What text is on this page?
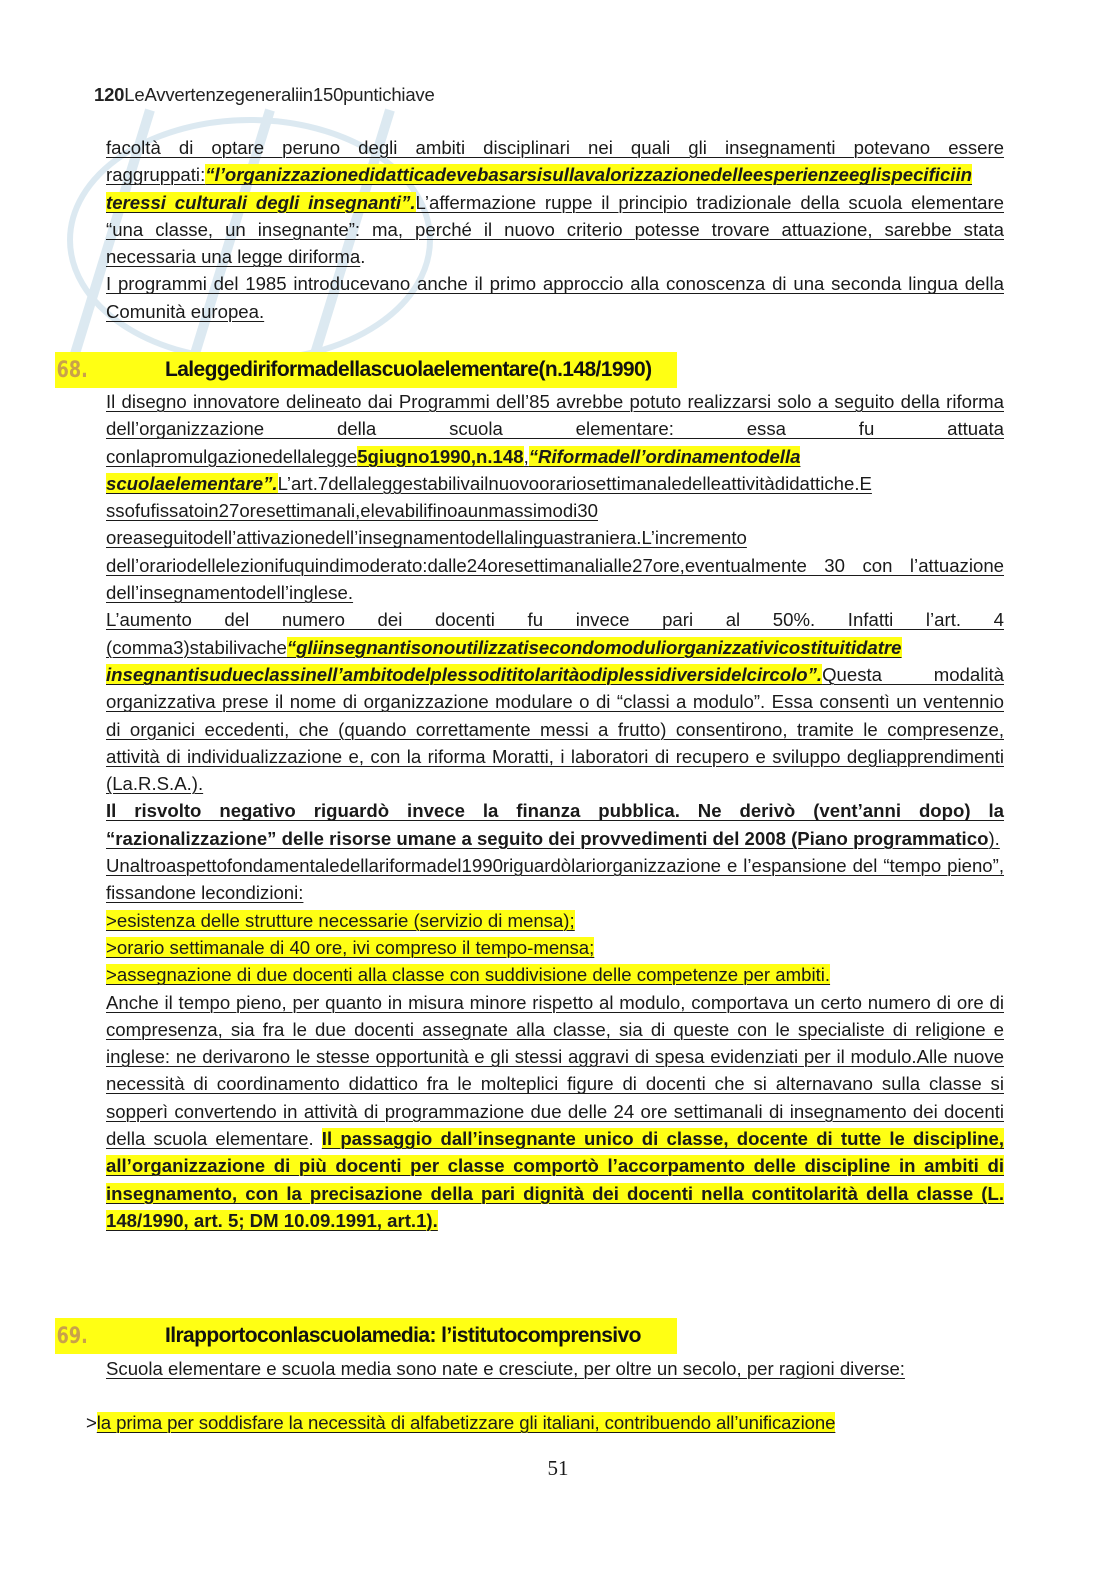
120LeAvvertenzegeneraliin150puntichiave

facoltà di optare peruno degli ambiti disciplinari nei quali gli insegnamenti potevano essere raggruppati:“l’organizzazionedidatticadevebasarsisullavalorizzazionedelleesperienzeeglispecificiin teressi culturali degli insegnanti”.L’affermazione ruppe il principio tradizionale della scuola elementare “una classe, un insegnante”: ma, perché il nuovo criterio potesse trovare attuazione, sarebbe stata necessaria una legge diriforma.

I programmi del 1985 introducevano anche il primo approccio alla conoscenza di una seconda lingua della Comunità europea.

68.	Laleggediriformadellascuolaelementare(n.148/1990)

Il disegno innovatore delineato dai Programmi dell’85 avrebbe potuto realizzarsi solo a seguito della riforma dell’organizzazione della scuola elementare: essa fu attuata conlapromulgazionedellalegge5giugno1990,n.148,“Riformadell’ordinamentodella scuolaelementare”.L’art.7dellaleggestabilivailnuovoorariosettimanaledelleattivitàdidattiche.E ssofufissatoin27oresettimanali,elevabilifinoaunmassimodi30 oreaseguitodell’attivazionedell’insegnamentodellalinguastraniera.L’incremento dell’orariodellelezionifuquindimoderato:dalle24oresettimanalialle27ore,eventualmente 30 con l’attuazione dell’insegnamentodell’inglese.

L’aumento del numero dei docenti fu invece pari al 50%. Infatti l’art. 4 (comma3)stabilivache“gliinsegnantisonoutilizzatisecondomoduliorganizzativicostituitidatre insegnantisudueclassinell’ambitodelplessodititolaritàodiplessidiversidelcircolo”.Questa modalità organizzativa prese il nome di organizzazione modulare o di “classi a modulo”. Essa consentì un ventennio di organici eccedenti, che (quando correttamente messi a frutto) consentirono, tramite le compresenze, attività di individualizzazione e, con la riforma Moratti, i laboratori di recupero e sviluppo degliapprendimenti (La.R.S.A.).

Il risvolto negativo riguardò invece la finanza pubblica. Ne derivò (vent’anni dopo) la “razionalizzazione” delle risorse umane a seguito dei provvedimenti del 2008 (Piano programmatico).

Unaltroaspettofondamentaledellariformadel1990riguardòlariorganizzazione e l’espansione del “tempo pieno”, fissandone lecondizioni:

>esistenza delle strutture necessarie (servizio di mensa);

>orario settimanale di 40 ore, ivi compreso il tempo-mensa;

>assegnazione di due docenti alla classe con suddivisione delle competenze per ambiti.

Anche il tempo pieno, per quanto in misura minore rispetto al modulo, comportava un certo numero di ore di compresenza, sia fra le due docenti assegnate alla classe, sia di queste con le specialiste di religione e inglese: ne derivarono le stesse opportunità e gli stessi aggravi di spesa evidenziati per il modulo.Alle nuove necessità di coordinamento didattico fra le molteplici figure di docenti che si alternavano sulla classe si sopperì convertendo in attività di programmazione due delle 24 ore settimanali di insegnamento dei docenti della scuola elementare. Il passaggio dall’insegnante unico di classe, docente di tutte le discipline, all’organizzazione di più docenti per classe comportò l’accorpamento delle discipline in ambiti di insegnamento, con la precisazione della pari dignità dei docenti nella contitolarità della classe (L. 148/1990, art. 5; DM 10.09.1991, art.1).

69.	Ilrapportoconlascuolamedia: l’istitutocomprensivo

Scuola elementare e scuola media sono nate e cresciute, per oltre un secolo, per ragioni diverse:

>la prima per soddisfare la necessità di alfabetizzare gli italiani, contribuendo all’unificazione

51
